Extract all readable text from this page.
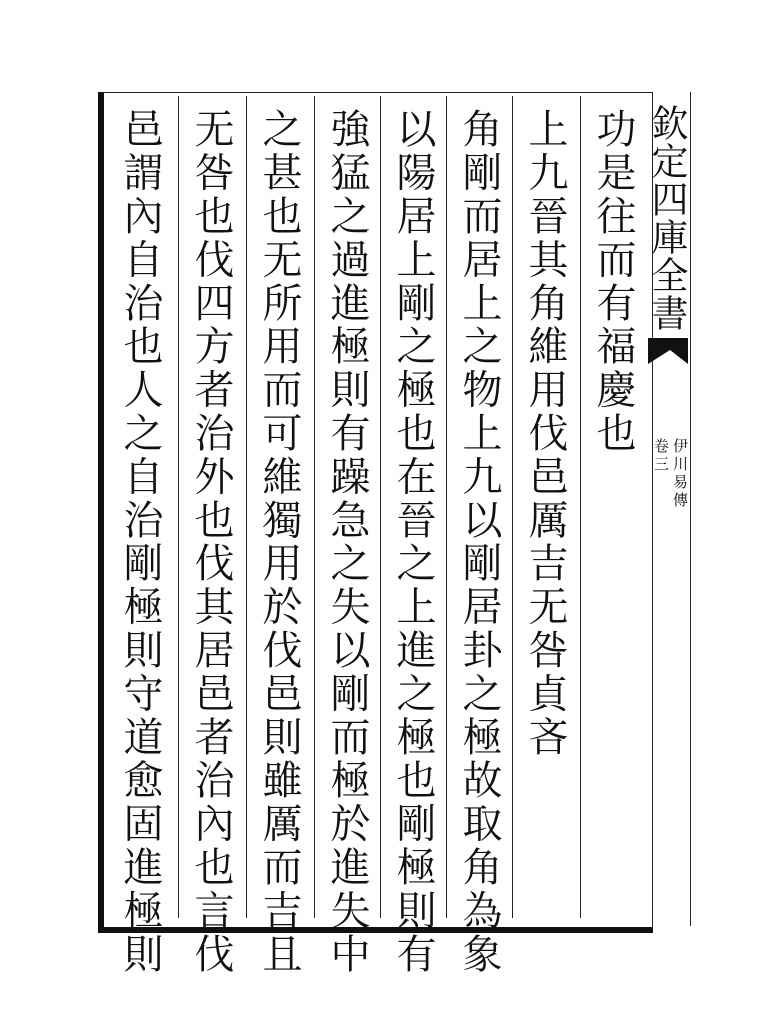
功是往而有福慶也
上九晉其角維用伐邑厲吉无咎貞吝
角剛而居上之物上九以剛居卦之極故取角為象
以陽居上剛之極也在晉之上進之極也剛極則有
強猛之過進極則有躁急之失以剛而極於進失中
之甚也无所用而可維獨用於伐邑則雖厲而吉且
无咎也伐四方者治外也伐其居邑者治內也言伐
邑謂內自治也人之自治剛極則守道愈固進極則	欽定四庫全書
伊川易傳
卷三
